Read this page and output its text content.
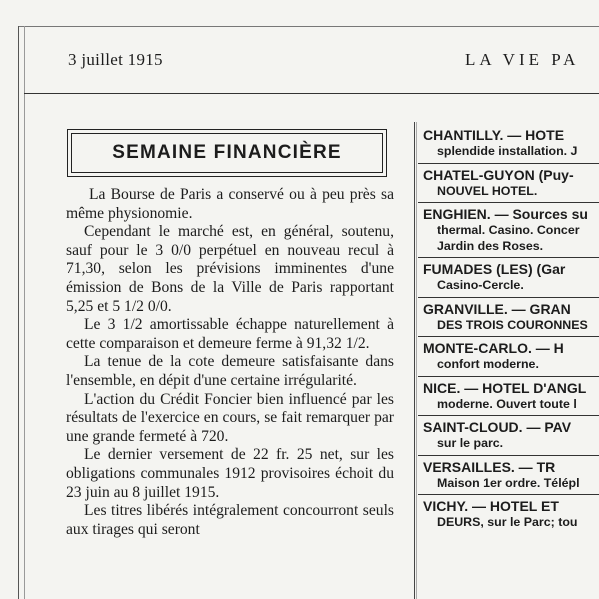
3 juillet 1915	LA VIE PA
SEMAINE FINANCIÈRE

La Bourse de Paris a conservé ou à peu près sa même physionomie.

Cependant le marché est, en général, soutenu, sauf pour le 3 0/0 perpétuel en nouveau recul à 71,30, selon les prévisions imminentes d'une émission de Bons de la Ville de Paris rapportant 5,25 et 5 1/2 0/0.

Le 3 1/2 amortissable échappe naturellement à cette comparaison et demeure ferme à 91,32 1/2.

La tenue de la cote demeure satisfaisante dans l'ensemble, en dépit d'une certaine irrégularité.

L'action du Crédit Foncier bien influencé par les résultats de l'exercice en cours, se fait remarquer par une grande fermeté à 720.

Le dernier versement de 22 fr. 25 net, sur les obligations communales 1912 provisoires échoit du 23 juin au 8 juillet 1915.

Les titres libérés intégralement concourront seuls aux tirages qui seront

CHANTILLY. — HOTE
splendide installation. J
CHATEL-GUYON (Puy-
NOUVEL HOTEL.
ENGHIEN. — Sources su
thermal. Casino. Concer
Jardin des Roses.
FUMADES (LES) (Gar
Casino-Cercle.
GRANVILLE. — GRAN
DES TROIS COURONNES
MONTE-CARLO. — H
confort moderne.
NICE. — HOTEL D'ANGL
moderne. Ouvert toute l
SAINT-CLOUD. — PAV
sur le parc.
VERSAILLES. — TR
Maison 1er ordre. Télépl
VICHY. — HOTEL ET
DEURS, sur le Parc; tou
